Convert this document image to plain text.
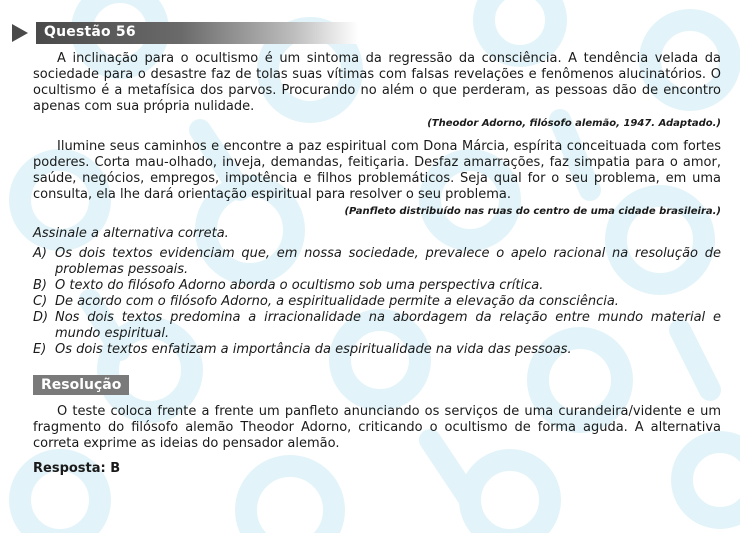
Questão 56
A inclinação para o ocultismo é um sintoma da regressão da consciência. A tendência velada da sociedade para o desastre faz de tolas suas vítimas com falsas revelações e fenômenos alucinatórios. O ocultismo é a metafísica dos parvos. Procurando no além o que perderam, as pessoas dão de encontro apenas com sua própria nulidade.
(Theodor Adorno, filósofo alemão, 1947. Adaptado.)
Ilumine seus caminhos e encontre a paz espiritual com Dona Márcia, espírita conceituada com fortes poderes. Corta mau-olhado, inveja, demandas, feitiçaria. Desfaz amarrações, faz simpatia para o amor, saúde, negócios, empregos, impotência e filhos problemáticos. Seja qual for o seu problema, em uma consulta, ela lhe dará orientação espiritual para resolver o seu problema.
(Panfleto distribuído nas ruas do centro de uma cidade brasileira.)
Assinale a alternativa correta.
A) Os dois textos evidenciam que, em nossa sociedade, prevalece o apelo racional na resolução de problemas pessoais.
B) O texto do filósofo Adorno aborda o ocultismo sob uma perspectiva crítica.
C) De acordo com o filósofo Adorno, a espiritualidade permite a elevação da consciência.
D) Nos dois textos predomina a irracionalidade na abordagem da relação entre mundo material e mundo espiritual.
E) Os dois textos enfatizam a importância da espiritualidade na vida das pessoas.
Resolução
O teste coloca frente a frente um panfleto anunciando os serviços de uma curandeira/vidente e um fragmento do filósofo alemão Theodor Adorno, criticando o ocultismo de forma aguda. A alternativa correta exprime as ideias do pensador alemão.
Resposta: B
